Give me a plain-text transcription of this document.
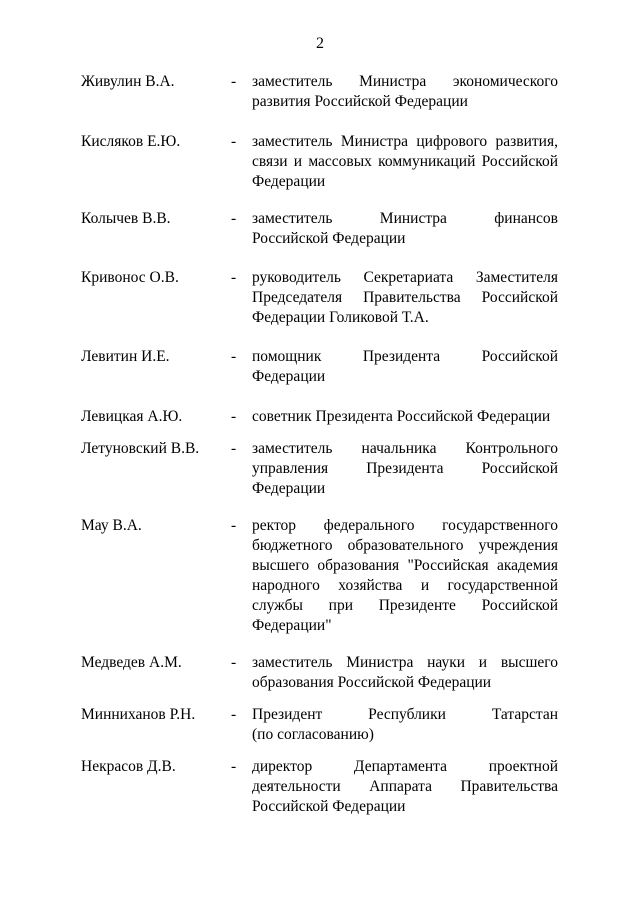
2
Живулин В.А.	-	заместитель Министра экономического
развития Российской Федерации
Кисляков Е.Ю.	-	заместитель Министра цифрового развития,
связи и массовых коммуникаций Российской
Федерации
Колычев В.В.	-	заместитель Министра финансов
Российской Федерации
Кривонос О.В.	-	руководитель Секретариата Заместителя
Председателя Правительства Российской
Федерации Голиковой Т.А.
Левитин И.Е.	-	помощник Президента Российской
Федерации
Левицкая А.Ю.	-	советник Президента Российской Федерации
Летуновский В.В.	-	заместитель начальника Контрольного
управления Президента Российской
Федерации
Мау В.А.	-	ректор федерального государственного
бюджетного образовательного учреждения
высшего образования "Российская академия
народного хозяйства и государственной
службы при Президенте Российской
Федерации"
Медведев А.М.	-	заместитель Министра науки и высшего
образования Российской Федерации
Минниханов Р.Н.	-	Президент Республики Татарстан
(по согласованию)
Некрасов Д.В.	-	директор Департамента проектной
деятельности Аппарата Правительства
Российской Федерации
